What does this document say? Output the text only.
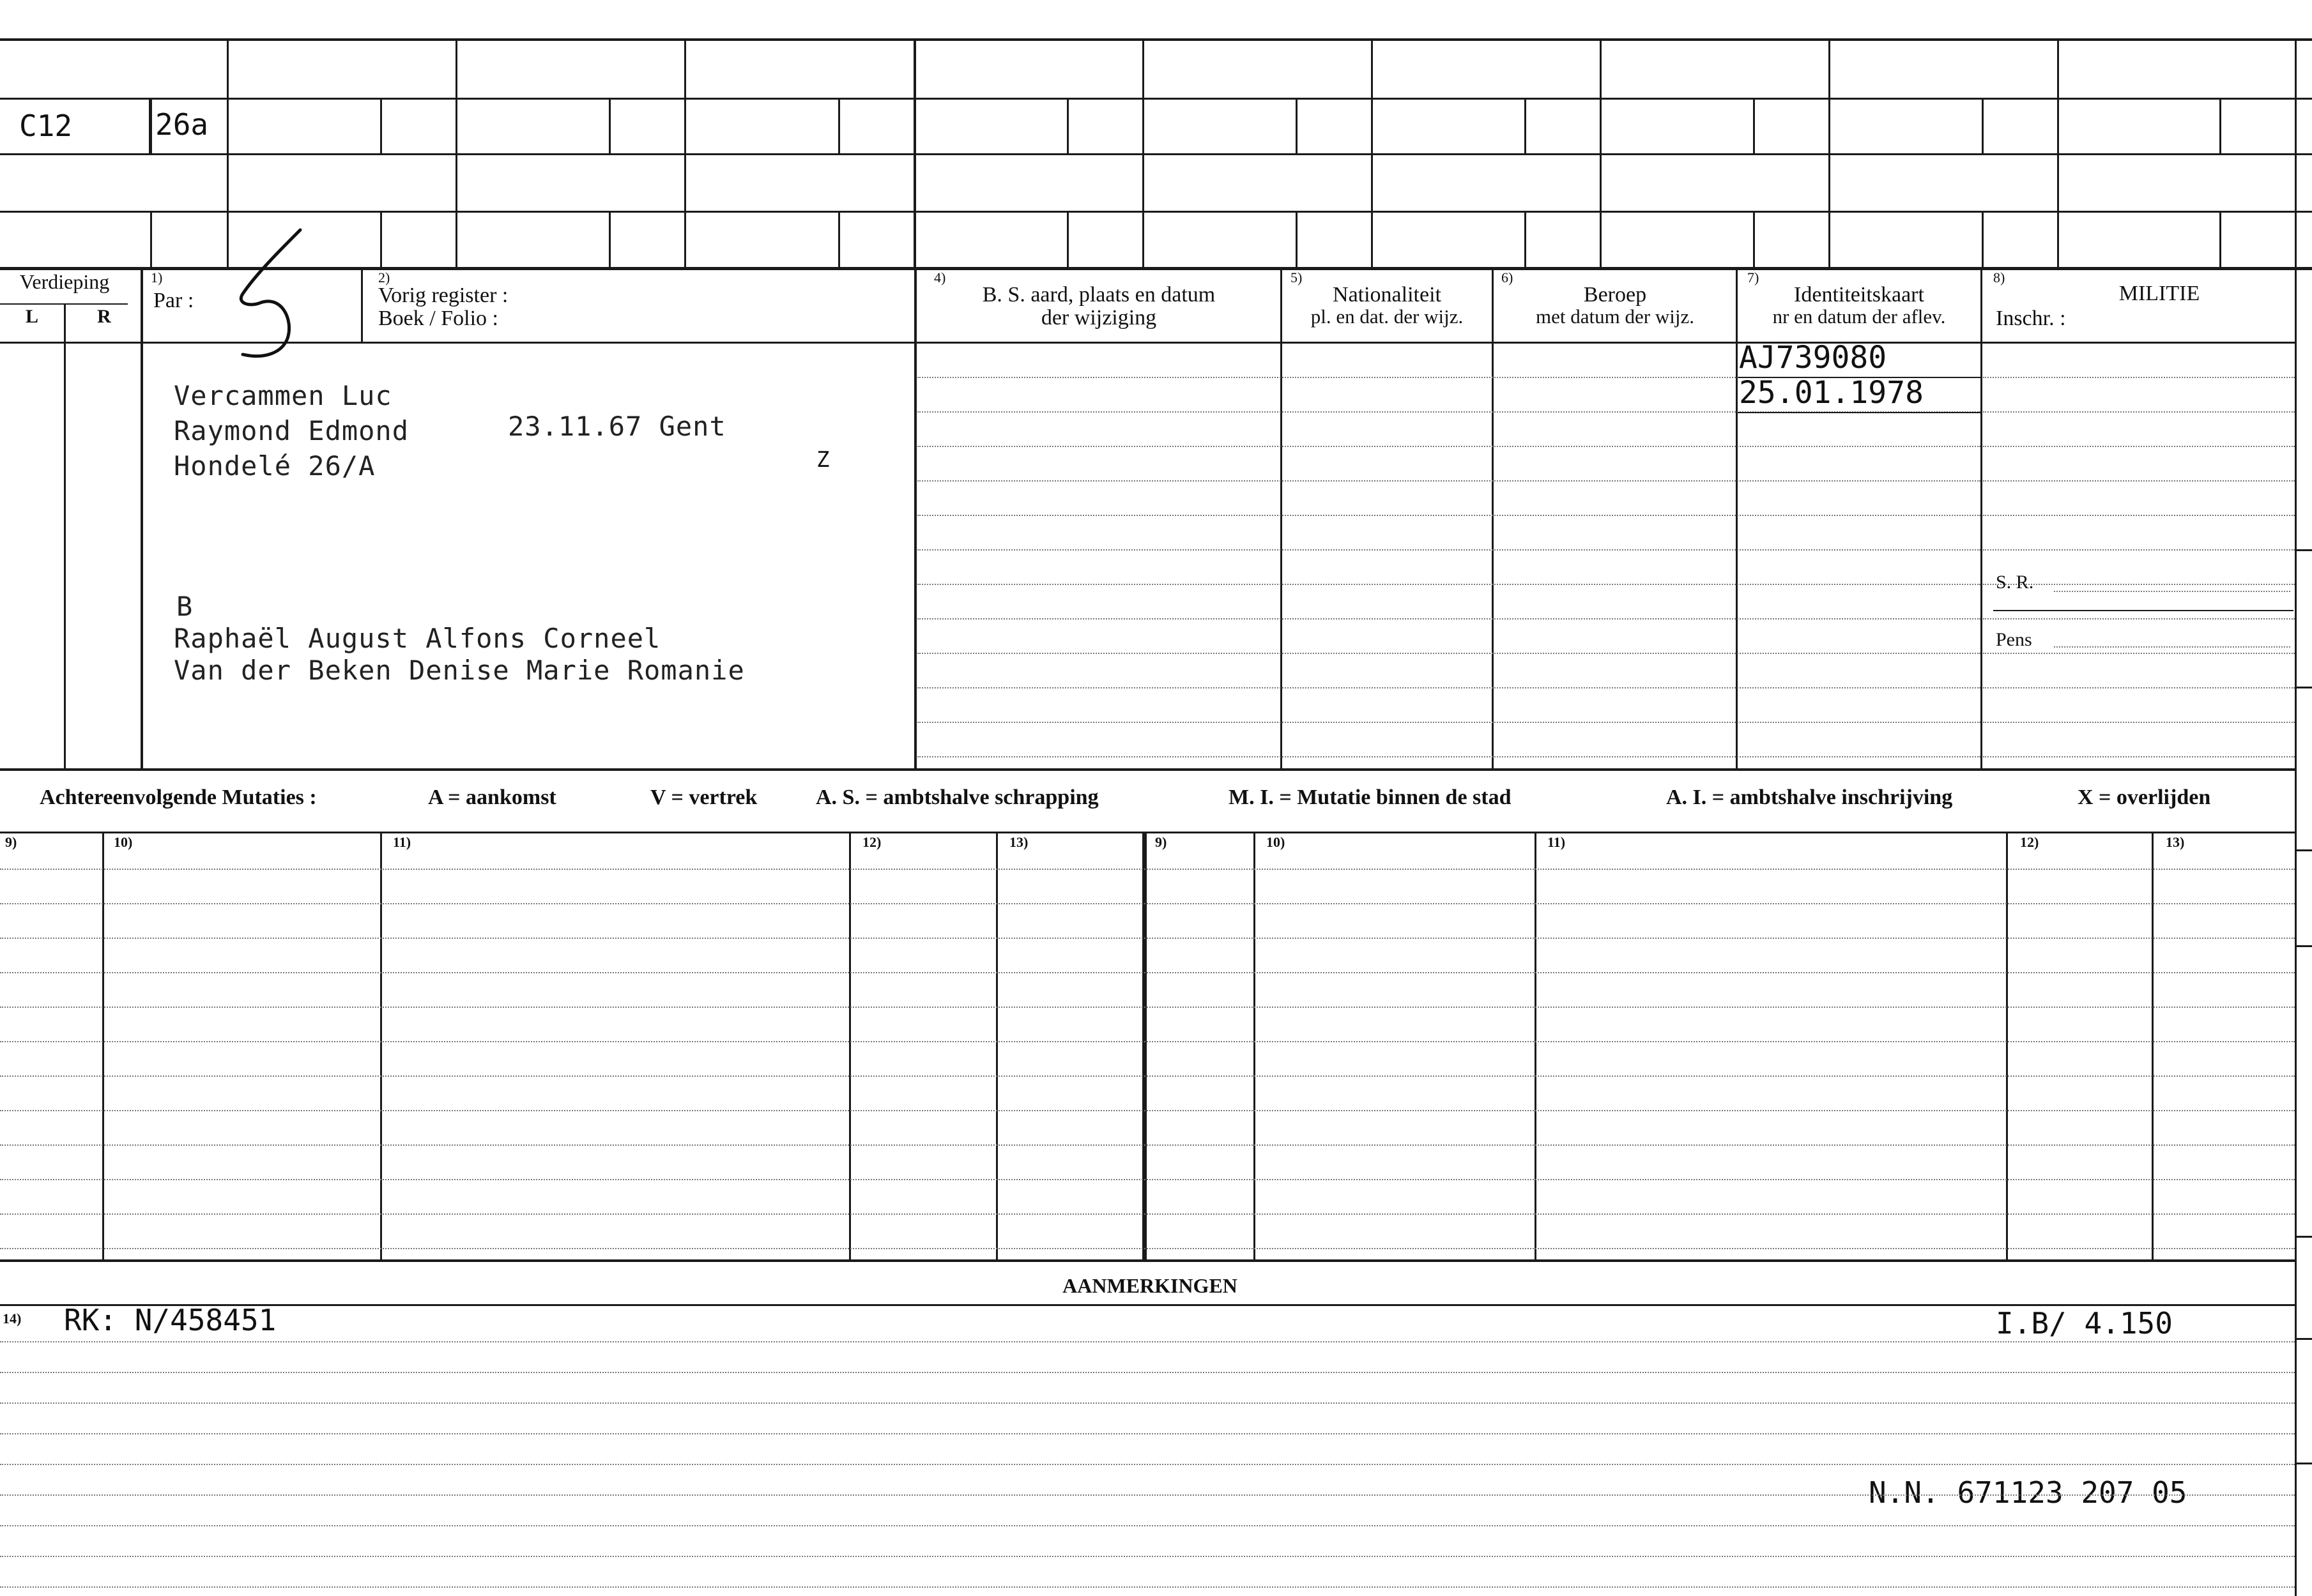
C12	26a
Verdieping
L	R
1)
Par :
2)
Vorig register :
Boek / Folio :
4)
B. S. aard, plaats en datum
der wijziging
5)
Nationaliteit
pl. en dat. der wijz.
6)
Beroep
met datum der wijz.
7)
Identiteitskaart
nr en datum der aflev.
8)
MILITIE
Inschr. :
Vercammen Luc
Raymond Edmond	23.11.67 Gent
Hondelé 26/A	Z
B
Raphaël August Alfons Corneel
Van der Beken Denise Marie Romanie
AJ739080
25.01.1978
S. R.
Pens
Achtereenvolgende Mutaties :	A = aankomst	V = vertrek	A. S. = ambtshalve schrapping	M. I. = Mutatie binnen de stad	A. I. = ambtshalve inschrijving	X = overlijden
9)	10)	11)	12)	13)	9)	10)	11)	12)	13)
AANMERKINGEN
14) RK: N/458451	I.B/ 4.150
N.N. 671123 207 05
